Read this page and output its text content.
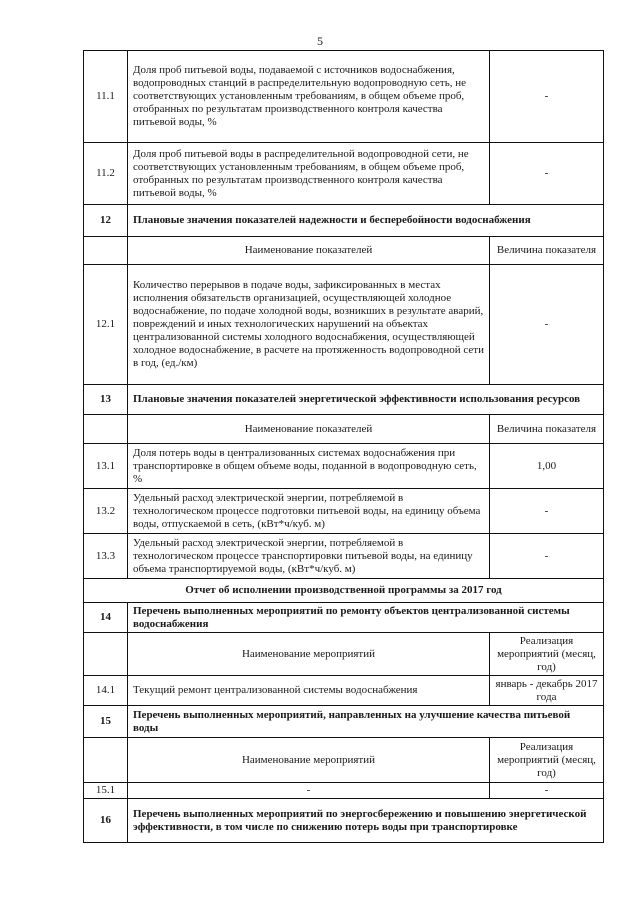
5
11.1	Доля проб питьевой воды, подаваемой с источников водоснабжения, водопроводных станций в распределительную водопроводную сеть, не соответствующих установленным требованиям, в общем объеме проб, отобранных по результатам производственного контроля качества питьевой воды, %	-
11.2	Доля проб питьевой воды в распределительной водопроводной сети, не соответствующих установленным требованиям, в общем объеме проб, отобранных по результатам производственного контроля качества питьевой воды, %	-
12	Плановые значения показателей надежности и бесперебойности водоснабжения	
	Наименование показателей	Величина показателя
12.1	Количество перерывов в подаче воды, зафиксированных в местах исполнения обязательств организацией, осуществляющей холодное водоснабжение, по подаче холодной воды, возникших в результате аварий, повреждений и иных технологических нарушений на объектах централизованной системы холодного водоснабжения, осуществляющей холодное водоснабжение, в расчете на протяженность водопроводной сети в год, (ед./км)	-
13	Плановые значения показателей энергетической эффективности использования ресурсов	
	Наименование показателей	Величина показателя
13.1	Доля потерь воды в централизованных системах водоснабжения при транспортировке в общем объеме воды, поданной в водопроводную сеть, %	1,00
13.2	Удельный расход электрической энергии, потребляемой в технологическом процессе подготовки питьевой воды, на единицу объема воды, отпускаемой в сеть, (кВт*ч/куб. м)	-
13.3	Удельный расход электрической энергии, потребляемой в технологическом процессе транспортировки питьевой воды, на единицу объема транспортируемой воды, (кВт*ч/куб. м)	-
Отчет об исполнении производственной программы за 2017 год		
14	Перечень выполненных мероприятий по ремонту объектов централизованной системы водоснабжения	
	Наименование мероприятий	Реализация мероприятий (месяц, год)
14.1	Текущий ремонт централизованной системы водоснабжения	январь - декабрь 2017 года
15	Перечень выполненных мероприятий, направленных на улучшение качества питьевой воды	
	Наименование мероприятий	Реализация мероприятий (месяц, год)
15.1	-	-
16	Перечень выполненных мероприятий по энергосбережению и повышению энергетической эффективности, в том числе по снижению потерь воды при транспортировке	
